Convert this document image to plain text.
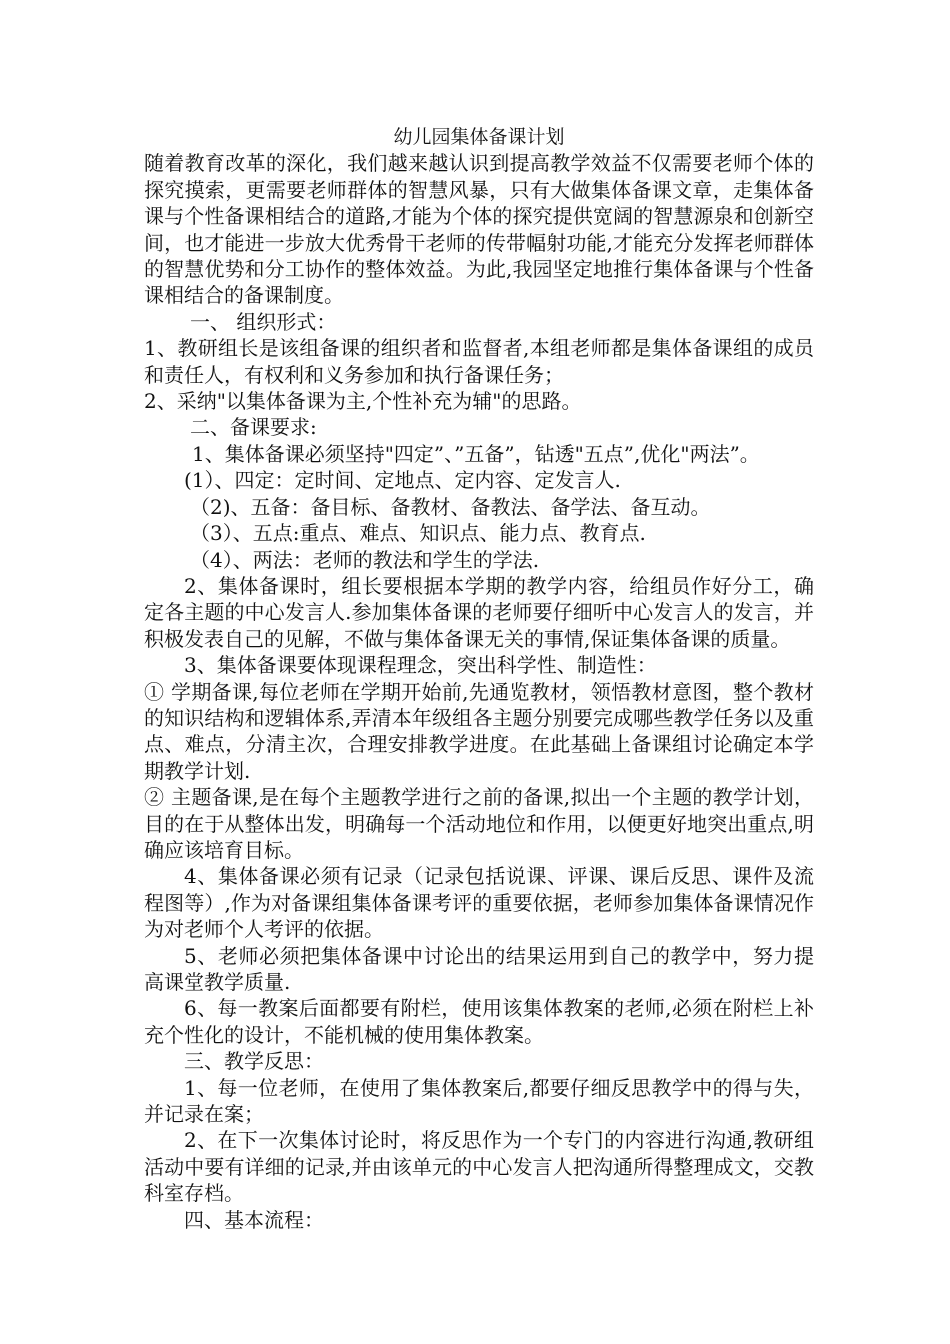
幼儿园集体备课计划

随着教育改革的深化，我们越来越认识到提高教学效益不仅需要老师个体的探究摸索，更需要老师群体的智慧风暴，只有大做集体备课文章，走集体备课与个性备课相结合的道路,才能为个体的探究提供宽阔的智慧源泉和创新空间，也才能进一步放大优秀骨干老师的传带幅射功能,才能充分发挥老师群体的智慧优势和分工协作的整体效益。为此,我园坚定地推行集体备课与个性备课相结合的备课制度。

一、 组织形式：

1、教研组长是该组备课的组织者和监督者,本组老师都是集体备课组的成员和责任人，有权利和义务参加和执行备课任务；

2、采纳"以集体备课为主,个性补充为辅"的思路。

二、备课要求:

1、集体备课必须坚持"四定”、”五备”，钻透"五点”,优化"两法”。

(1）、四定：定时间、定地点、定内容、定发言人.

（2)、五备：备目标、备教材、备教法、备学法、备互动。

（3）、五点:重点、难点、知识点、能力点、教育点.

（4）、两法：老师的教法和学生的学法.

2、集体备课时，组长要根据本学期的教学内容，给组员作好分工，确定各主题的中心发言人.参加集体备课的老师要仔细听中心发言人的发言，并积极发表自己的见解，不做与集体备课无关的事情,保证集体备课的质量。

3、集体备课要体现课程理念，突出科学性、制造性：

① 学期备课,每位老师在学期开始前,先通览教材，领悟教材意图，整个教材的知识结构和逻辑体系,弄清本年级组各主题分别要完成哪些教学任务以及重点、难点，分清主次，合理安排教学进度。在此基础上备课组讨论确定本学期教学计划.

② 主题备课,是在每个主题教学进行之前的备课,拟出一个主题的教学计划，目的在于从整体出发，明确每一个活动地位和作用，以便更好地突出重点,明确应该培育目标。

4、集体备课必须有记录（记录包括说课、评课、课后反思、课件及流程图等）,作为对备课组集体备课考评的重要依据，老师参加集体备课情况作为对老师个人考评的依据。

5、老师必须把集体备课中讨论出的结果运用到自己的教学中，努力提高课堂教学质量.

6、每一教案后面都要有附栏，使用该集体教案的老师,必须在附栏上补充个性化的设计，不能机械的使用集体教案。

三、教学反思：

1、每一位老师，在使用了集体教案后,都要仔细反思教学中的得与失，并记录在案；

2、在下一次集体讨论时，将反思作为一个专门的内容进行沟通,教研组活动中要有详细的记录,并由该单元的中心发言人把沟通所得整理成文，交教科室存档。

四、基本流程：
